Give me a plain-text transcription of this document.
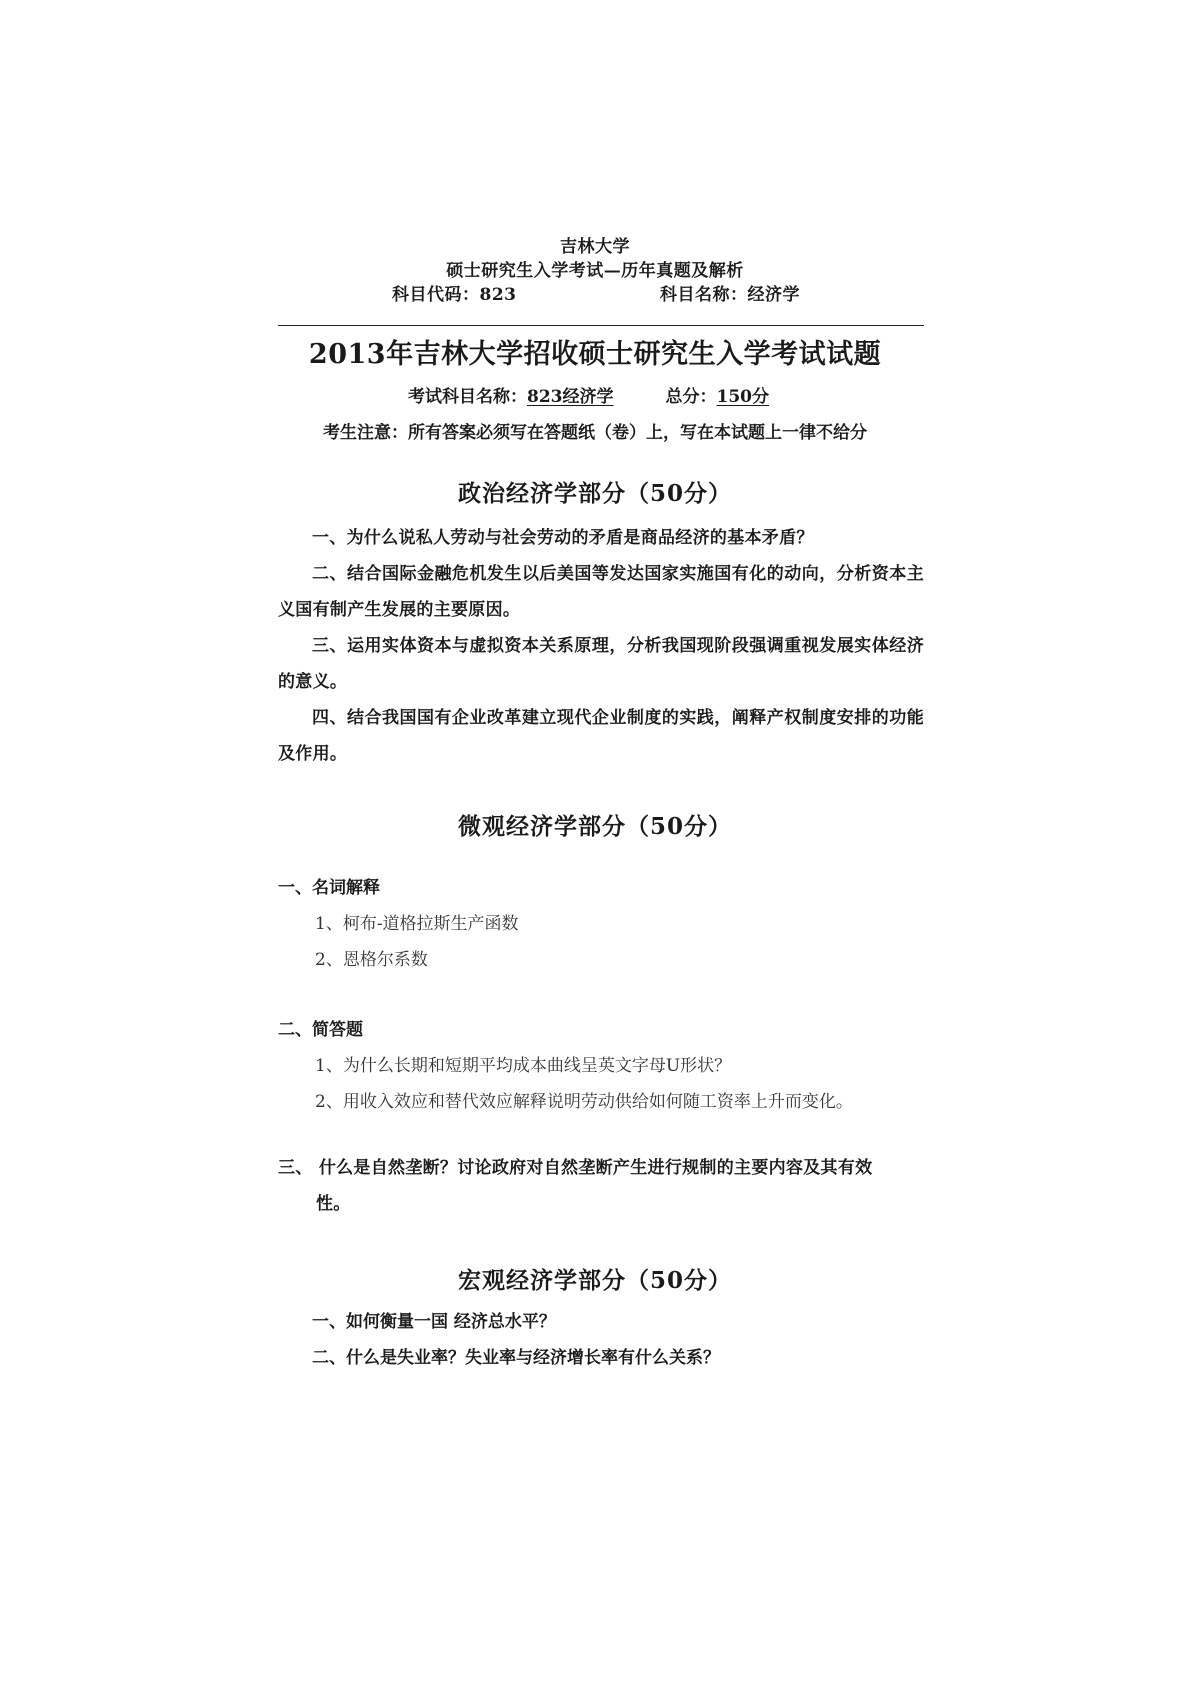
吉林大学
硕士研究生入学考试—历年真题及解析
科目代码：823	科目名称：经济学
2013年吉林大学招收硕士研究生入学考试试题
考试科目名称：823经济学	总分：150分
考生注意：所有答案必须写在答题纸（卷）上，写在本试题上一律不给分
政治经济学部分（50分）
一、为什么说私人劳动与社会劳动的矛盾是商品经济的基本矛盾？
二、结合国际金融危机发生以后美国等发达国家实施国有化的动向，分析资本主义国有制产生发展的主要原因。
三、运用实体资本与虚拟资本关系原理，分析我国现阶段强调重视发展实体经济的意义。
四、结合我国国有企业改革建立现代企业制度的实践，阐释产权制度安排的功能及作用。
微观经济学部分（50分）
一、名词解释
1、柯布-道格拉斯生产函数
2、恩格尔系数
二、简答题
1、为什么长期和短期平均成本曲线呈英文字母U形状？
2、用收入效应和替代效应解释说明劳动供给如何随工资率上升而变化。
三、 什么是自然垄断？讨论政府对自然垄断产生进行规制的主要内容及其有效
性。
宏观经济学部分（50分）
一、如何衡量一国 经济总水平？
二、什么是失业率？失业率与经济增长率有什么关系？
